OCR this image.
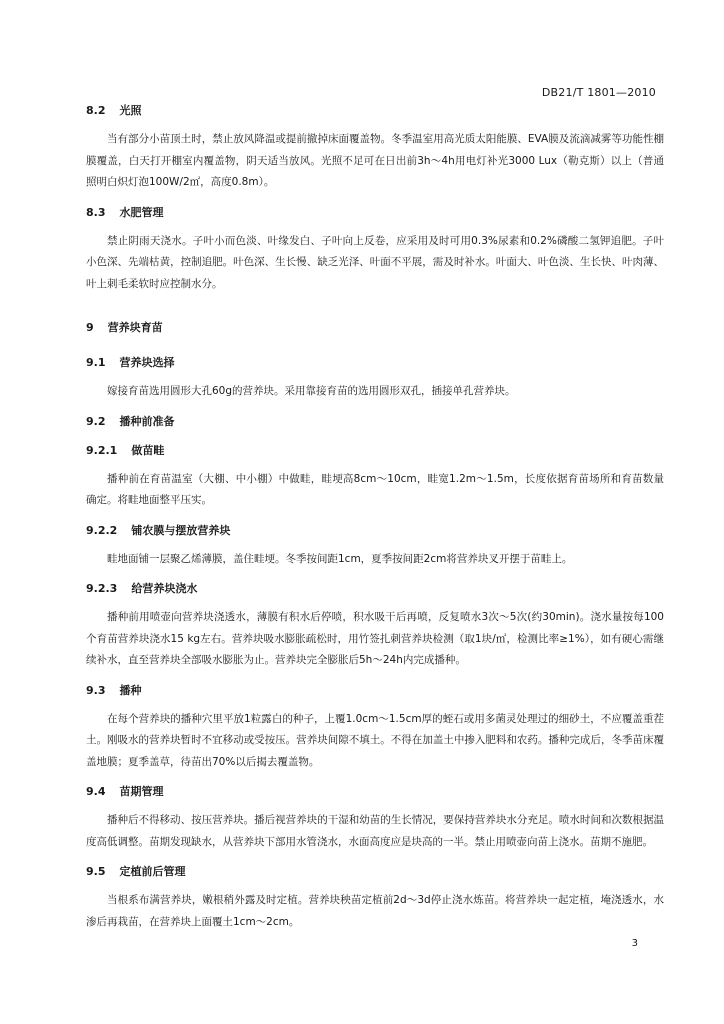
DB21/T 1801—2010

8.2 光照

当有部分小苗顶土时，禁止放风降温或提前撤掉床面覆盖物。冬季温室用高光质太阳能膜、EVA膜及流滴减雾等功能性棚膜覆盖，白天打开棚室内覆盖物，阴天适当放风。光照不足可在日出前3h～4h用电灯补光3000 Lux（勒克斯）以上（普通照明白炽灯泡100W/2㎡，高度0.8m）。

8.3 水肥管理

禁止阴雨天浇水。子叶小而色淡、叶缘发白、子叶向上反卷，应采用及时可用0.3%尿素和0.2%磷酸二氢钾追肥。子叶小色深、先端枯黄，控制追肥。叶色深、生长慢、缺乏光泽、叶面不平展，需及时补水。叶面大、叶色淡、生长快、叶肉薄、叶上刺毛柔软时应控制水分。

9 营养块育苗

9.1 营养块选择

嫁接育苗选用圆形大孔60g的营养块。采用靠接育苗的选用圆形双孔，插接单孔营养块。

9.2 播种前准备

9.2.1 做苗畦

播种前在育苗温室（大棚、中小棚）中做畦，畦埂高8cm～10cm，畦宽1.2m～1.5m，长度依据育苗场所和育苗数量确定。将畦地面整平压实。

9.2.2 铺农膜与摆放营养块

畦地面铺一层聚乙烯薄膜，盖住畦埂。冬季按间距1cm，夏季按间距2cm将营养块叉开摆于苗畦上。

9.2.3 给营养块浇水

播种前用喷壶向营养块浇透水，薄膜有积水后停喷，积水吸干后再喷，反复喷水3次～5次(约30min)。浇水量按每100个育苗营养块浇水15 kg左右。营养块吸水膨胀疏松时，用竹签扎刺营养块检测（取1块/㎡，检测比率≥1%），如有硬心需继续补水，直至营养块全部吸水膨胀为止。营养块完全膨胀后5h～24h内完成播种。

9.3 播种

在每个营养块的播种穴里平放1粒露白的种子，上覆1.0cm～1.5cm厚的蛭石或用多菌灵处理过的细砂土，不应覆盖重茬土。刚吸水的营养块暂时不宜移动或受按压。营养块间隙不填土。不得在加盖土中掺入肥料和农药。播种完成后，冬季苗床覆盖地膜；夏季盖草，待苗出70%以后揭去覆盖物。

9.4 苗期管理

播种后不得移动、按压营养块。播后视营养块的干湿和幼苗的生长情况，要保持营养块水分充足。喷水时间和次数根据温度高低调整。苗期发现缺水，从营养块下部用水管浇水，水面高度应是块高的一半。禁止用喷壶向苗上浇水。苗期不施肥。

9.5 定植前后管理

当根系布满营养块，嫩根稍外露及时定植。营养块秧苗定植前2d～3d停止浇水炼苗。将营养块一起定植，埯浇透水，水渗后再栽苗，在营养块上面覆土1cm～2cm。

3
